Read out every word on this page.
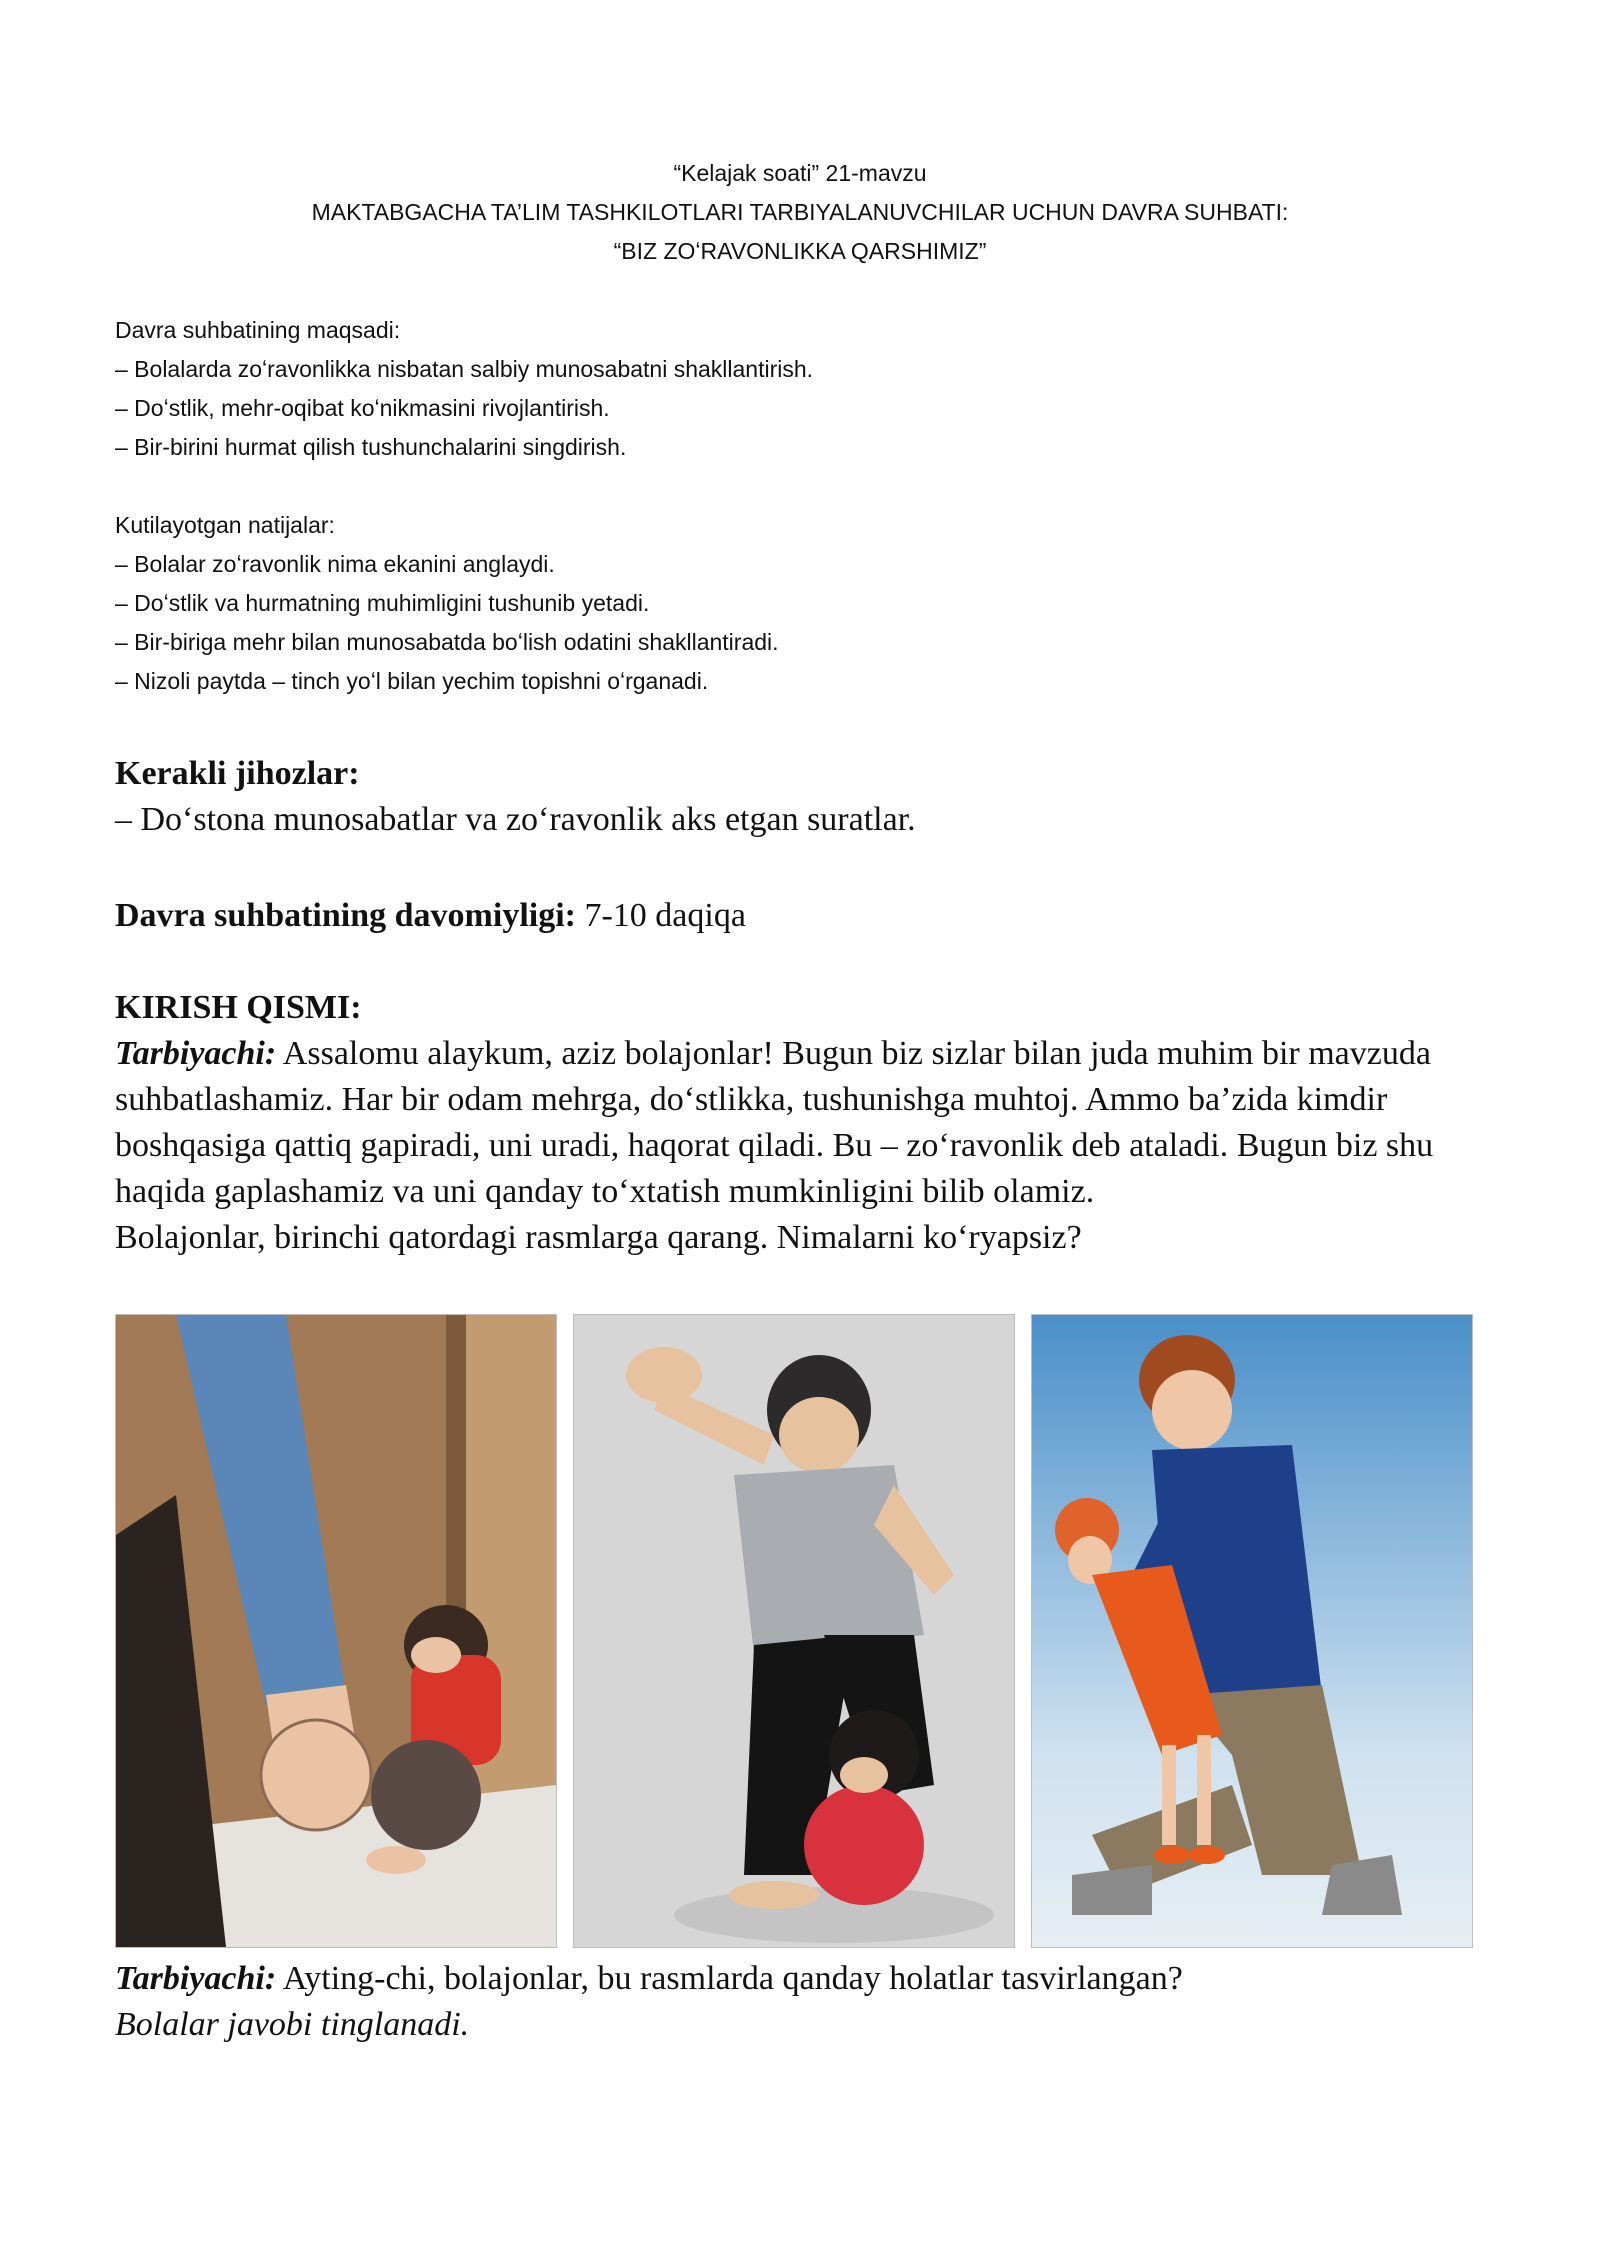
“Kelajak soati” 21-mavzu
MAKTABGACHA TA’LIM TASHKILOTLARI TARBIYALANUVCHILAR UCHUN DAVRA SUHBATI:
“BIZ ZOʻRAVONLIKKA QARSHIMIZ”
Davra suhbatining maqsadi:
– Bolalarda zoʻravonlikka nisbatan salbiy munosabatni shakllantirish.
– Doʻstlik, mehr-oqibat koʻnikmasini rivojlantirish.
– Bir-birini hurmat qilish tushunchalarini singdirish.
Kutilayotgan natijalar:
– Bolalar zoʻravonlik nima ekanini anglaydi.
– Doʻstlik va hurmatning muhimligini tushunib yetadi.
– Bir-biriga mehr bilan munosabatda boʻlish odatini shakllantiradi.
– Nizoli paytda – tinch yoʻl bilan yechim topishni oʻrganadi.
Kerakli jihozlar:
– Doʻstona munosabatlar va zoʻravonlik aks etgan suratlar.
Davra suhbatining davomiyligi: 7-10 daqiqa
KIRISH QISMI:

Tarbiyachi: Assalomu alaykum, aziz bolajonlar! Bugun biz sizlar bilan juda muhim bir mavzuda suhbatlashamiz. Har bir odam mehrga, doʻstlikka, tushunishga muhtoj. Ammo ba’zida kimdir boshqasiga qattiq gapiradi, uni uradi, haqorat qiladi. Bu – zoʻravonlik deb ataladi. Bugun biz shu haqida gaplashamiz va uni qanday toʻxtatish mumkinligini bilib olamiz.

Bolajonlar, birinchi qatordagi rasmlarga qarang. Nimalarni koʻryapsiz?

Tarbiyachi: Ayting-chi, bolajonlar, bu rasmlarda qanday holatlar tasvirlangan?

Bolalar javobi tinglanadi.
